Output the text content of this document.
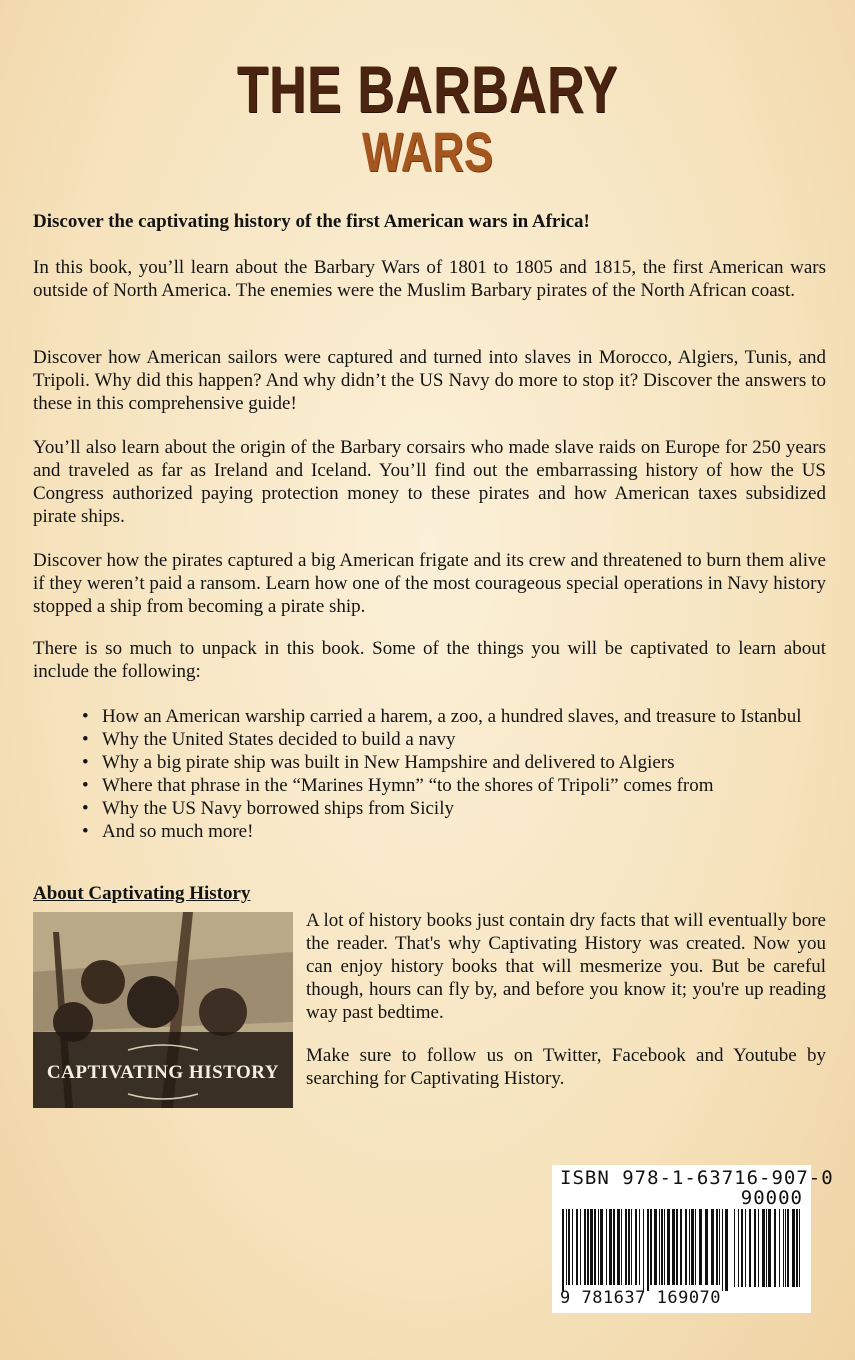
THE BARBARY
WARS

Discover the captivating history of the first American wars in Africa!

In this book, you’ll learn about the Barbary Wars of 1801 to 1805 and 1815, the first American wars outside of North America. The enemies were the Muslim Barbary pirates of the North African coast.

Discover how American sailors were captured and turned into slaves in Morocco, Algiers, Tunis, and Tripoli. Why did this happen? And why didn’t the US Navy do more to stop it? Discover the answers to these in this comprehensive guide!

You’ll also learn about the origin of the Barbary corsairs who made slave raids on Europe for 250 years and traveled as far as Ireland and Iceland. You’ll find out the embarrassing history of how the US Congress authorized paying protection money to these pirates and how American taxes subsidized pirate ships.

Discover how the pirates captured a big American frigate and its crew and threatened to burn them alive if they weren’t paid a ransom. Learn how one of the most courageous special operations in Navy history stopped a ship from becoming a pirate ship.

There is so much to unpack in this book. Some of the things you will be captivated to learn about include the following:

• How an American warship carried a harem, a zoo, a hundred slaves, and treasure to Istanbul
• Why the United States decided to build a navy
• Why a big pirate ship was built in New Hampshire and delivered to Algiers
• Where that phrase in the “Marines Hymn” “to the shores of Tripoli” comes from
• Why the US Navy borrowed ships from Sicily
• And so much more!

About Captivating History

CAPTIVATING HISTORY

A lot of history books just contain dry facts that will eventually bore the reader. That's why Captivating History was created. Now you can enjoy history books that will mesmerize you. But be careful though, hours can fly by, and before you know it; you're up reading way past bedtime.

Make sure to follow us on Twitter, Facebook and Youtube by searching for Captivating History.

ISBN 978-1-63716-907-0
90000
9 781637 169070
